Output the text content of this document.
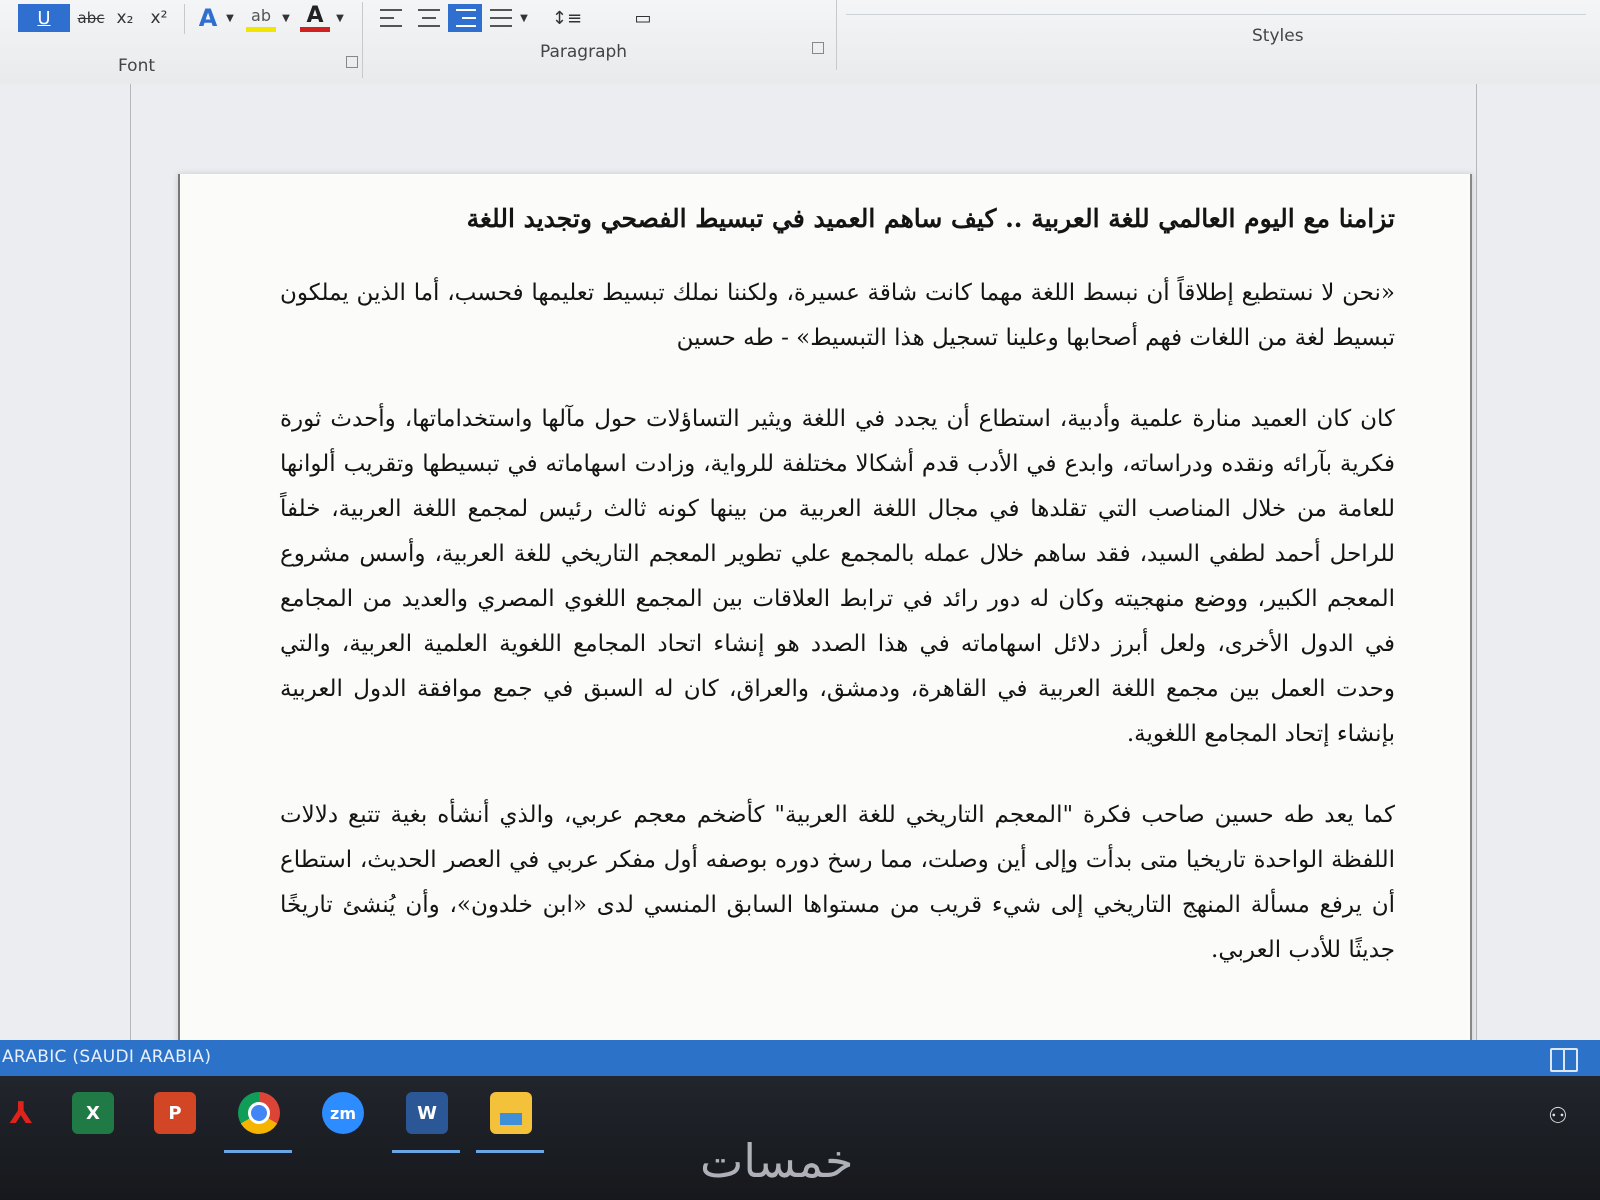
U	abc x₂ x² A ▼	ab	▼ A	▼
Font
▼ ↕≡	▭
Paragraph
Styles

تزامنا مع اليوم العالمي للغة العربية .. كيف ساهم العميد في تبسيط الفصحي وتجديد اللغة

«نحن لا نستطيع إطلاقاً أن نبسط اللغة مهما كانت شاقة عسيرة، ولكننا نملك تبسيط تعليمها فحسب، أما الذين يملكون تبسيط لغة من اللغات فهم أصحابها وعلينا تسجيل هذا التبسيط» - طه حسين

كان كان العميد منارة علمية وأدبية، استطاع أن يجدد في اللغة ويثير التساؤلات حول مآلها واستخداماتها، وأحدث ثورة فكرية بآرائه ونقده ودراساته، وابدع في الأدب قدم أشكالا مختلفة للرواية، وزادت اسهاماته في تبسيطها وتقريب ألوانها للعامة من خلال المناصب التي تقلدها في مجال اللغة العربية من بينها كونه ثالث رئيس لمجمع اللغة العربية، خلفاً للراحل أحمد لطفي السيد، فقد ساهم خلال عمله بالمجمع علي تطوير المعجم التاريخي للغة العربية، وأسس مشروع المعجم الكبير، ووضع منهجيته وكان له دور رائد في ترابط العلاقات بين المجمع اللغوي المصري والعديد من المجامع في الدول الأخرى، ولعل أبرز دلائل اسهاماته في هذا الصدد هو إنشاء اتحاد المجامع اللغوية العلمية العربية، والتي وحدت العمل بين مجمع اللغة العربية في القاهرة، ودمشق، والعراق، كان له السبق في جمع موافقة الدول العربية بإنشاء إتحاد المجامع اللغوية.

كما يعد طه حسين صاحب فكرة "المعجم التاريخي للغة العربية" كأضخم معجم عربي، والذي أنشأه بغية تتبع دلالات اللفظة الواحدة تاريخيا متى بدأت وإلى أين وصلت، مما رسخ دوره بوصفه أول مفكر عربي في العصر الحديث، استطاع أن يرفع مسألة المنهج التاريخي إلى شيء قريب من مستواها السابق المنسي لدى «ابن خلدون»، وأن يُنشئ تاريخًا جديثًا للأدب العربي.

ARABIC (SAUDI ARABIA)
⅄	X	P	zm	W
خمسات
⚇
